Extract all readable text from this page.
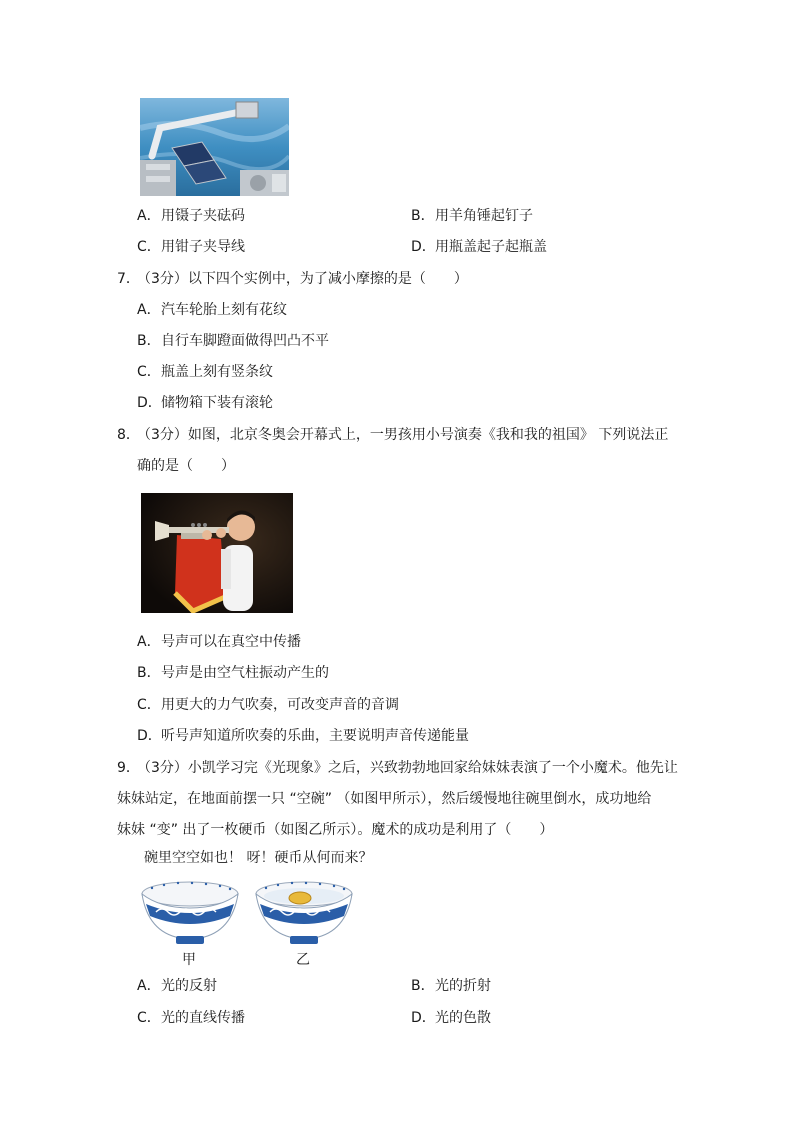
A． 用镊子夹砝码	B． 用羊角锤起钉子
C． 用钳子夹导线	D． 用瓶盖起子起瓶盖
7．
（3分）以下四个实例中，为了减小摩擦的是（　　）
A． 汽车轮胎上刻有花纹
B． 自行车脚蹬面做得凹凸不平
C． 瓶盖上刻有竖条纹
D． 储物箱下装有滚轮
8．
（3分）如图，北京冬奥会开幕式上，一男孩用小号演奏《我和我的祖国》 下列说法正
确的是（　　）
A． 号声可以在真空中传播
B． 号声是由空气柱振动产生的
C． 用更大的力气吹奏，可改变声音的音调
D． 听号声知道所吹奏的乐曲，主要说明声音传递能量
9．
（3分）小凯学习完《光现象》之后，兴致勃勃地回家给妹妹表演了一个小魔术。他先让
妹妹站定，在地面前摆一只 “空碗” （如图甲所示），然后缓慢地往碗里倒水，成功地给
妹妹 “变” 出了一枚硬币（如图乙所示）。魔术的成功是利用了（　　）
碗里空空如也！ 呀！硬币从何而来？
甲	乙
A． 光的反射	B． 光的折射
C． 光的直线传播	D． 光的色散
